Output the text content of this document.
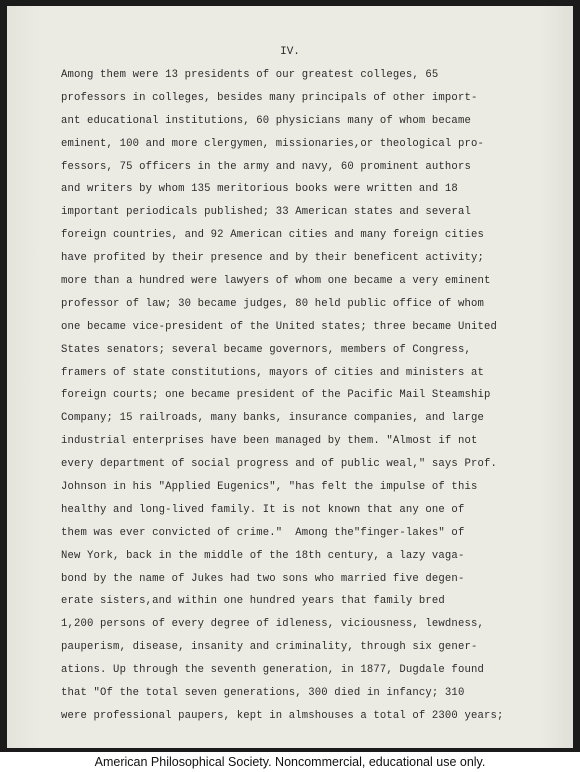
IV.
Among them were 13 presidents of our greatest colleges, 65
professors in colleges, besides many principals of other import-
ant educational institutions, 60 physicians many of whom became
eminent, 100 and more clergymen, missionaries,or theological pro-
fessors, 75 officers in the army and navy, 60 prominent authors
and writers by whom 135 meritorious books were written and 18
important periodicals published; 33 American states and several
foreign countries, and 92 American cities and many foreign cities
have profited by their presence and by their beneficent activity;
more than a hundred were lawyers of whom one became a very eminent
professor of law; 30 became judges, 80 held public office of whom
one became vice-president of the United states; three became United
States senators; several became governors, members of Congress,
framers of state constitutions, mayors of cities and ministers at
foreign courts; one became president of the Pacific Mail Steamship
Company; 15 railroads, many banks, insurance companies, and large
industrial enterprises have been managed by them. "Almost if not
every department of social progress and of public weal," says Prof.
Johnson in his "Applied Eugenics", "has felt the impulse of this
healthy and long-lived family. It is not known that any one of
them was ever convicted of crime."  Among the"finger-lakes" of
New York, back in the middle of the 18th century, a lazy vaga-
bond by the name of Jukes had two sons who married five degen-
erate sisters,and within one hundred years that family bred
1,200 persons of every degree of idleness, viciousness, lewdness,
pauperism, disease, insanity and criminality, through six gener-
ations. Up through the seventh generation, in 1877, Dugdale found
that "Of the total seven generations, 300 died in infancy; 310
were professional paupers, kept in almshouses a total of 2300 years;
American Philosophical Society. Noncommercial, educational use only.
